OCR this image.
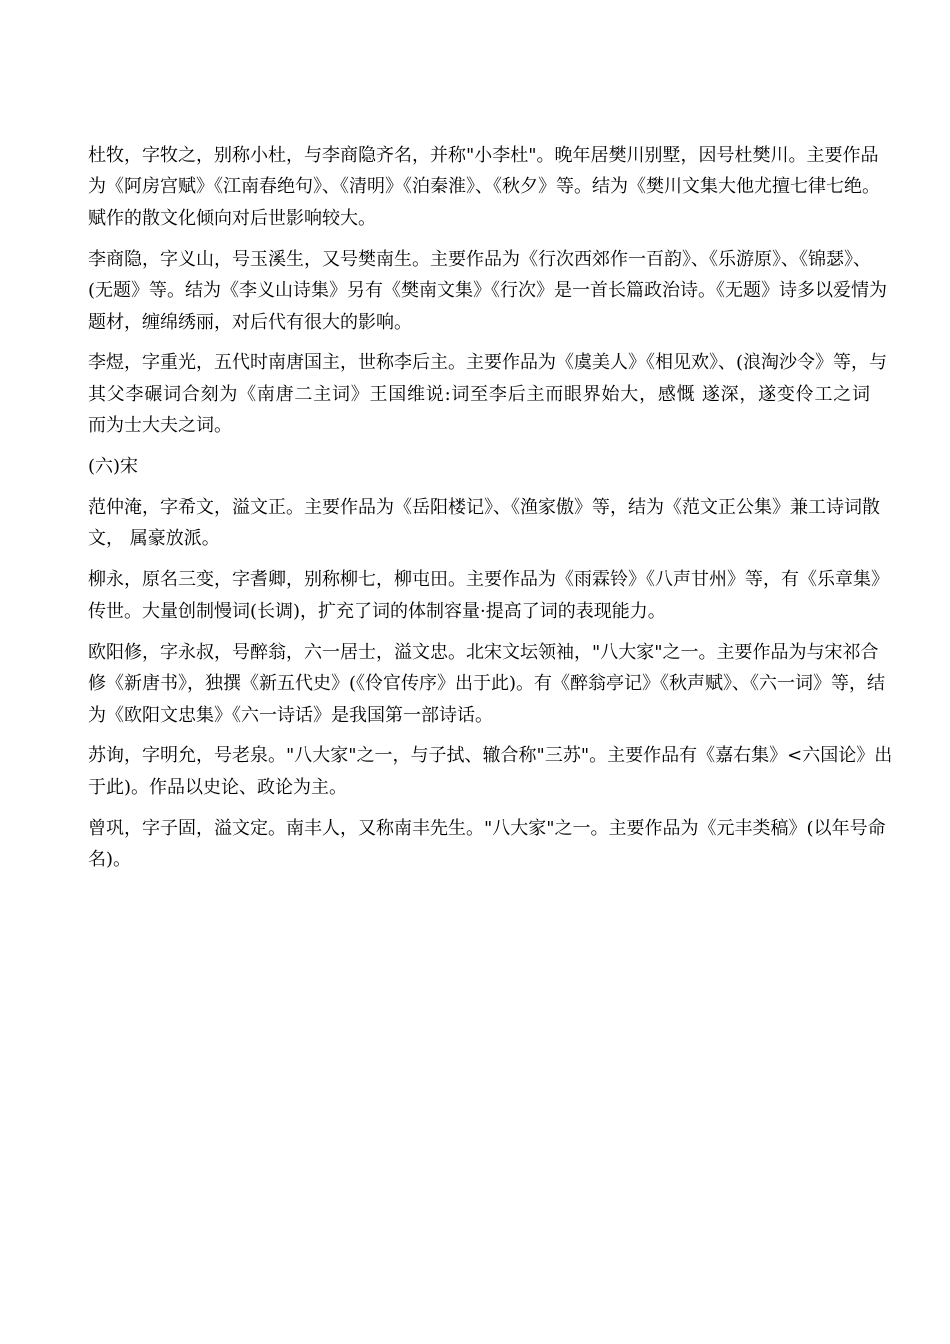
杜牧，字牧之，别称小杜，与李商隐齐名，并称"小李杜"。晚年居樊川别墅，因号杜樊川。主要作品
为《阿房宫赋》《江南春绝句》、《清明》《泊秦淮》、《秋夕》等。结为《樊川文集大他尤擅七律七绝。
赋作的散文化倾向对后世影响较大。

李商隐，字义山，号玉溪生，又号樊南生。主要作品为《行次西郊作一百韵》、《乐游原》、《锦瑟》、
(无题》等。结为《李义山诗集》另有《樊南文集》《行次》是一首长篇政治诗。《无题》诗多以爱情为
题材，缠绵绣丽，对后代有很大的影响。

李煜，字重光，五代时南唐国主，世称李后主。主要作品为《虞美人》《相见欢》、(浪淘沙令》等，与
其父李碾词合刻为《南唐二主词》王国维说:词至李后主而眼界始大，感慨 遂深，遂变伶工之词
而为士大夫之词。

(六)宋

范仲淹，字希文，溢文正。主要作品为《岳阳楼记》、《渔家傲》等，结为《范文正公集》兼工诗词散
文， 属豪放派。

柳永，原名三变，字耆卿，别称柳七，柳屯田。主要作品为《雨霖铃》《八声甘州》等，有《乐章集》
传世。大量创制慢词(长调)，扩充了词的体制容量·提高了词的表现能力。

欧阳修，字永叔，号醉翁，六一居士，溢文忠。北宋文坛领袖，"八大家"之一。主要作品为与宋祁合
修《新唐书》，独撰《新五代史》(《伶官传序》出于此)。有《醉翁亭记》《秋声赋》、《六一词》等，结
为《欧阳文忠集》《六一诗话》是我国第一部诗话。

苏询，字明允，号老泉。"八大家"之一，与子拭、辙合称"三苏"。主要作品有《嘉右集》<六国论》出
于此)。作品以史论、政论为主。

曾巩，字子固，溢文定。南丰人，又称南丰先生。"八大家"之一。主要作品为《元丰类稿》(以年号命
名)。
